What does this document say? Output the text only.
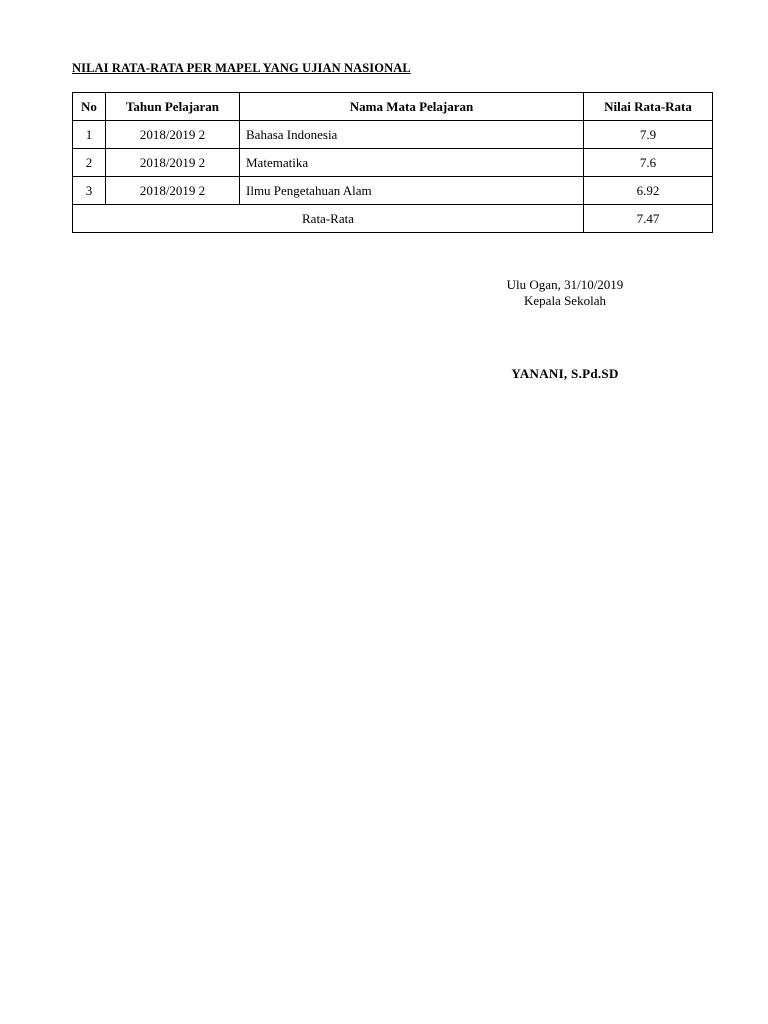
NILAI RATA-RATA PER MAPEL YANG UJIAN NASIONAL
No	Tahun Pelajaran	Nama Mata Pelajaran	Nilai Rata-Rata
1	2018/2019 2	Bahasa Indonesia	7.9
2	2018/2019 2	Matematika	7.6
3	2018/2019 2	Ilmu Pengetahuan Alam	6.92
Rata-Rata			7.47
Ulu Ogan, 31/10/2019
Kepala Sekolah
YANANI, S.Pd.SD
